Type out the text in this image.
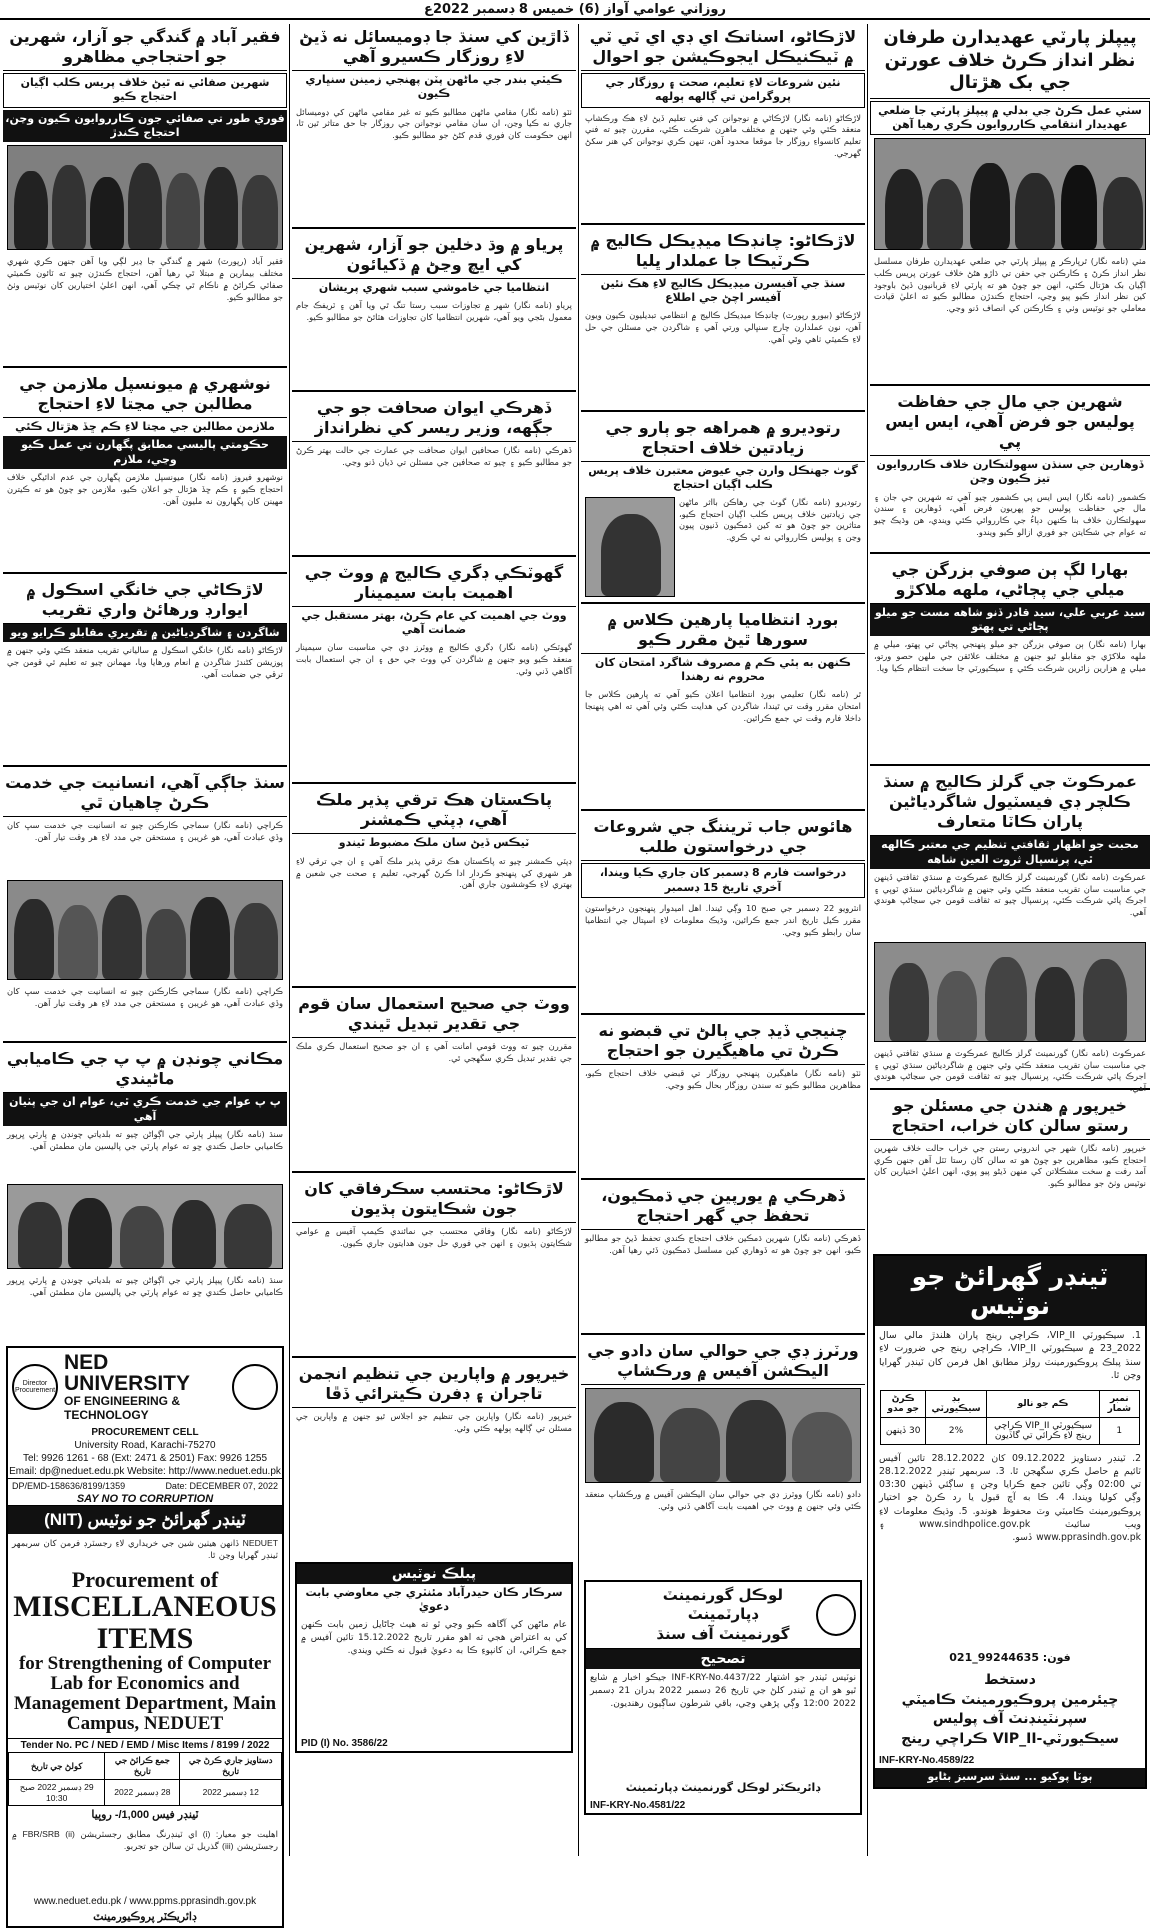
روزاني عوامي آواز (6) خميس 8 ڊسمبر 2022ع
پيپلز پارٽي عهديدارن طرفان نظر انداز ڪرڻ خلاف عورتن جي بک هڙتال
سٺي عمل ڪرڻ جي بدلي ۾ پيپلز پارٽي جا ضلعي عهديدار انتقامي ڪارروايون ڪري رهيا آهن
مٺي (نامه نگار) ٿرپارڪر ۾ پيپلز پارٽي جي ضلعي عهديدارن طرفان مسلسل نظر انداز ڪرڻ ۽ ڪارڪنن جي حقن تي ڌاڙو هڻڻ خلاف عورتن پريس ڪلب اڳيان بک هڙتال ڪئي، انهن جو چوڻ هو ته پارٽي لاءِ قربانيون ڏيڻ باوجود کين نظر انداز ڪيو پيو وڃي، احتجاج ڪندڙن مطالبو ڪيو ته اعليٰ قيادت معاملي جو نوٽيس وٺي ۽ ڪارڪنن کي انصاف ڏنو وڃي.
شهرين جي مال جي حفاظت پوليس جو فرض آهي، ايس ايس پي
ڏوهارين جي سنڌن سهولتڪارن خلاف ڪارروايون تيز ڪيون وڃن
ڪشمور (نامه نگار) ايس ايس پي ڪشمور چيو آهي ته شهرين جي جان ۽ مال جي حفاظت پوليس جو پهريون فرض آهي، ڏوهارين ۽ سندن سهولتڪارن خلاف بنا ڪنهن دٻاءُ جي ڪارروائي ڪئي ويندي، هن وڌيڪ چيو ته عوام جي شڪايتن جو فوري ازالو ڪيو ويندو.
بهارا لڳ ٻن صوفي بزرگن جي ميلي جي پڄاڻي، ملهه ملاکڙو
سيد عربي علي، سيد قادر ڏنو شاهه مست جو ميلو پڄاڻي تي پهتو
بهارا (نامه نگار) ٻن صوفي بزرگن جو ميلو پنهنجي پڄاڻي تي پهتو، ميلي ۾ ملهه ملاکڙي جو مقابلو ٿيو جنهن ۾ مختلف علائقن جي ملهن حصو ورتو، ميلي ۾ هزارين زائرين شرڪت ڪئي ۽ سيڪيورٽي جا سخت انتظام ڪيا ويا.
عمرڪوٽ جي گرلز ڪاليج ۾ سنڌ ڪلچر ڊي فيسٽيول شاگردياڻين پاران ڪاٽا متعارف
محبت جو اظهار ثقافتي تنظيم جي معتبر ڪالهه ٿي، پرنسپال ثروت العين شاهه
عمرڪوٽ (نامه نگار) گورنمينٽ گرلز ڪاليج عمرڪوٽ ۾ سنڌي ثقافتي ڏينهن جي مناسبت سان تقريب منعقد ڪئي وئي جنهن ۾ شاگردياڻين سنڌي ٽوپي ۽ اجرڪ پائي شرڪت ڪئي، پرنسپال چيو ته ثقافت قومن جي سڃاڻپ هوندي آهي.
عمرڪوٽ (نامه نگار) گورنمينٽ گرلز ڪاليج عمرڪوٽ ۾ سنڌي ثقافتي ڏينهن جي مناسبت سان تقريب منعقد ڪئي وئي جنهن ۾ شاگردياڻين سنڌي ٽوپي ۽ اجرڪ پائي شرڪت ڪئي، پرنسپال چيو ته ثقافت قومن جي سڃاڻپ هوندي آهي.
خيرپور ۾ هندن جي مسئلن جو رستو سالن کان خراب، احتجاج
خيرپور (نامه نگار) شهر جي اندروني رستن جي خراب حالت خلاف شهرين احتجاج ڪيو، مظاهرين جو چوڻ هو ته سالن کان رستا ٽٽل آهن جنهن ڪري آمد رفت ۾ سخت مشڪلاتن کي منهن ڏيڻو پيو پوي، انهن اعليٰ اختيارين کان نوٽيس وٺڻ جو مطالبو ڪيو.
ٽينڊر گهرائڻ جو نوٽيس
1. سيڪيورٽي VIP_II، ڪراچي رينج پاران هلندڙ مالي سال 2022_23 ۾ سيڪيورٽي VIP_II، ڪراچي رينج جي ضرورت لاءِ سنڌ پبلڪ پروڪيورمينٽ رولز مطابق اهل فرمن کان ٽينڊر گهرايا وڃن ٿا.
نمبر شمار	ڪم جو نالو	بڊ سيڪيورٽي	ڪرڻ جو مدو
1	سيڪيورٽي VIP_II ڪراچي رينج لاءِ ڪرائي تي گاڏيون	2%	30 ڏينهن
2. ٽينڊر دستاويز 09.12.2022 کان 28.12.2022 تائين آفيس ٽائيم ۾ حاصل ڪري سگهجن ٿا. 3. سربمهر ٽينڊر 28.12.2022 تي 02:00 وڳي تائين جمع ڪرايا وڃن ۽ ساڳئي ڏينهن 03:30 وڳي کوليا ويندا. 4. ڪا به آڇ قبول يا رد ڪرڻ جو اختيار پروڪيورمينٽ ڪاميٽي وٽ محفوظ هوندو. 5. وڌيڪ معلومات لاءِ ويب سائيٽ www.sindhpolice.gov.pk ۽ www.pprasindh.gov.pk ڏسو.
021_99244635 :فون
دستخط
چيئرمين پروڪيورمينٽ ڪاميٽي
سپرنٽينڊنٽ آف پوليس
سيڪيورٽي-VIP_II ڪراچي رينج
INF-KRY-No.4589/22
ٻوٽا پوکيو ... سنڌ سرسبز بڻايو
لاڙڪاڻو، اسناتڪ اي ڊي اي ٽي ٽي ۾ ٽيڪنيڪل ايجوڪيشن جو احوال
نئين شروعات لاءِ تعليم، صحت ۽ روزگار جي پروگرامن تي ڳالهه ٻولهه
لاڙڪاڻو (نامه نگار) لاڙڪاڻي ۾ نوجوانن کي فني تعليم ڏيڻ لاءِ هڪ ورڪشاپ منعقد ڪئي وئي جنهن ۾ مختلف ماهرن شرڪت ڪئي، مقررن چيو ته فني تعليم کانسواءِ روزگار جا موقعا محدود آهن، تنهن ڪري نوجوانن کي هنر سکڻ گهرجي.
لاڙڪاڻو: چانڊڪا ميڊيڪل ڪاليج ۾ ڪرٽيڪا جا عملدار ڀليا
سنڌ جي آفيسرن ميڊيڪل ڪاليج لاءِ هڪ نئين آفيسر اچڻ جي اطلاع
لاڙڪاڻو (بيورو رپورٽ) چانڊڪا ميڊيڪل ڪاليج ۾ انتظامي تبديليون ڪيون ويون آهن، نون عملدارن چارج سنڀالي ورتي آهي ۽ شاگردن جي مسئلن جي حل لاءِ ڪميٽي ٺاهي وئي آهي.
رتوديرو ۾ همراهه جو ٻارو جي زيادتين خلاف احتجاج
گوٺ جهنڪل وارن جي عيوض معتبرن خلاف پريس ڪلب اڳيان احتجاج
رتوديرو (نامه نگار) گوٺ جي رهاڪن بااثر ماڻهن جي زيادتين خلاف پريس ڪلب اڳيان احتجاج ڪيو، متاثرين جو چوڻ هو ته کين ڌمڪيون ڏنيون پيون وڃن ۽ پوليس ڪارروائي نه ٿي ڪري.
بورڊ انتظاميا پارهين ڪلاس ۾ سورها ٿيڻ مقرر ڪيو
ڪنهن به ٻئي ڪم ۾ مصروف شاگرد امتحان کان محروم نه رهندا
ٿر (نامه نگار) تعليمي بورڊ انتظاميا اعلان ڪيو آهي ته پارهين ڪلاس جا امتحان مقرر وقت تي ٿيندا، شاگردن کي هدايت ڪئي وئي آهي ته اهي پنهنجا داخلا فارم وقت تي جمع ڪرائين.
هائوس جاب ٽريننگ جي شروعات جي درخواستون طلب
درخواست فارم 8 ڊسمبر کان جاري ڪيا ويندا، آخري تاريخ 15 ڊسمبر
انٽرويو 22 ڊسمبر جي صبح 10 وڳي ٿيندا. اهل اميدوار پنهنجون درخواستون مقرر ڪيل تاريخ اندر جمع ڪرائين، وڌيڪ معلومات لاءِ اسپتال جي انتظاميا سان رابطو ڪيو وڃي.
چنيجي ڏيڊ جي ٻالڻ تي قبضو نه ڪرڻ تي ماهيگيرن جو احتجاج
ٺٽو (نامه نگار) ماهيگيرن پنهنجي روزگار تي قبضي خلاف احتجاج ڪيو، مظاهرين مطالبو ڪيو ته سندن روزگار بحال ڪيو وڃي.
ڏهرڪي ۾ يورپين جي ڌمڪيون، تحفظ جي گهر احتجاج
ڏهرڪي (نامه نگار) شهرين ڌمڪين خلاف احتجاج ڪندي تحفظ ڏيڻ جو مطالبو ڪيو، انهن جو چوڻ هو ته ڏوهاري کين مسلسل ڌمڪيون ڏئي رهيا آهن.
ورٽرز ڊي جي حوالي سان دادو جي اليڪشن آفيس ۾ ورڪشاپ
دادو (نامه نگار) ووٽرز ڊي جي حوالي سان اليڪشن آفيس ۾ ورڪشاپ منعقد ڪئي وئي جنهن ۾ ووٽ جي اهميت بابت آگاهي ڏني وئي.
لوڪل گورنمينٽ ڊپارٽمينٽ
گورنمينٽ آف سنڌ
تصحيح
نوٽيس ٽينڊر جو اشتهار INF-KRY-No.4437/22 جيڪو اخبار ۾ شايع ٿيو هو ان ۾ ٽينڊر کلڻ جي تاريخ 26 ڊسمبر 2022 بدران 21 ڊسمبر 2022 12:00 وڳي پڙهي وڃي، باقي شرطون ساڳيون رهنديون.
ڊائريڪٽر لوڪل گورنمينٽ ڊپارٽمينٽ
INF-KRY-No.4581/22
ڏاڙين کي سنڌ جا ڊوميسائل نه ڏيڻ لاءِ روزگار ڪسيرو آهي
ڪيٽي بندر جي ماڻهن پٽن پهنجي زمينن سنڀاري ڪيون
ٺٽو (نامه نگار) مقامي ماڻهن مطالبو ڪيو ته غير مقامي ماڻهن کي ڊوميسائل جاري نه ڪيا وڃن، ان سان مقامي نوجوانن جي روزگار جا حق متاثر ٿين ٿا، انهن حڪومت کان فوري قدم کڻڻ جو مطالبو ڪيو.
پرياو ۾ وڌ دخلين جو آزار، شهرين کي ايچ وڃڻ ۾ ڏکيائون
انتظاميا جي خاموشي سبب شهري پريشان
پرياو (نامه نگار) شهر ۾ تجاوزات سبب رستا تنگ ٿي ويا آهن ۽ ٽريفڪ جام معمول بڻجي ويو آهي، شهرين انتظاميا کان تجاوزات هٽائڻ جو مطالبو ڪيو.
ڏهرڪي ايوان صحافت جو جي جڳهه، وزير ريسر کي نظرانداز
ڏهرڪي (نامه نگار) صحافين ايوان صحافت جي عمارت جي حالت بهتر ڪرڻ جو مطالبو ڪيو ۽ چيو ته صحافين جي مسئلن تي ڌيان ڏنو وڃي.
گهوٽڪي ڊگري ڪاليج ۾ ووٽ جي اهميت بابت سيمينار
ووٽ جي اهميت کي عام ڪرڻ، بهتر مستقبل جي ضمانت آهي
گهوٽڪي (نامه نگار) ڊگري ڪاليج ۾ ووٽرز ڊي جي مناسبت سان سيمينار منعقد ڪيو ويو جنهن ۾ شاگردن کي ووٽ جي حق ۽ ان جي استعمال بابت آگاهي ڏني وئي.
پاڪستان هڪ ترقي پذير ملڪ آهي، ڊپٽي ڪمشنر
ٽيڪس ڏيڻ سان ملڪ مضبوط ٿيندو
ڊپٽي ڪمشنر چيو ته پاڪستان هڪ ترقي پذير ملڪ آهي ۽ ان جي ترقي لاءِ هر شهري کي پنهنجو ڪردار ادا ڪرڻ گهرجي، تعليم ۽ صحت جي شعبن ۾ بهتري لاءِ ڪوششون جاري آهن.
ووٽ جي صحيح استعمال سان قوم جي تقدير تبديل ٿيندي
مقررن چيو ته ووٽ قومي امانت آهي ۽ ان جو صحيح استعمال ڪري ملڪ جي تقدير تبديل ڪري سگهجي ٿي.
لاڙڪاڻو: محتسب سڪرفاقي کان جون شڪايتون ٻڌيون
لاڙڪاڻو (نامه نگار) وفاقي محتسب جي نمائندي ڪيمپ آفيس ۾ عوامي شڪايتون ٻڌيون ۽ انهن جي فوري حل جون هدايتون جاري ڪيون.
خيرپور ۾ واپارين جي تنظيم انجمن تاجران ۽ ڊفرن ڪيترائي ڏڦا
خيرپور (نامه نگار) واپارين جي تنظيم جو اجلاس ٿيو جنهن ۾ واپارين جي مسئلن تي ڳالهه ٻولهه ڪئي وئي.
پبلڪ نوٽيس
سرڪار ڪان حيدرآباد مئنٽري جي معاوضي بابت دعويٰ
عام ماڻهن کي آگاهه ڪيو وڃي ٿو ته هيٺ ڄاڻايل زمين بابت ڪنهن کي به اعتراض هجي ته اهو مقرر تاريخ 15.12.2022 تائين آفيس ۾ جمع ڪرائي، ان کانپوءِ ڪا به دعويٰ قبول نه ڪئي ويندي.
PID (I) No. 3586/22
فقير آباد ۾ گندگي جو آزار، شهرين جو احتجاجي مظاهرو
شهرين صفائي نه ٿيڻ خلاف پريس ڪلب اڳيان احتجاج ڪيو
فوري طور تي صفائي جون ڪارروايون ڪيون وڃن، احتجاج ڪندڙ
فقير آباد (رپورٽ) شهر ۾ گندگي جا ڍير لڳي ويا آهن جنهن ڪري شهري مختلف بيمارين ۾ مبتلا ٿي رهيا آهن، احتجاج ڪندڙن چيو ته ٽائون ڪميٽي صفائي ڪرائڻ ۾ ناڪام ٿي چڪي آهي، انهن اعليٰ اختيارين کان نوٽيس وٺڻ جو مطالبو ڪيو.
نوشهري ۾ ميونسپل ملازمن جي مطالبن جي مڃتا لاءِ احتجاج
ملازمن مطالبن جي مڃتا لاءِ ڪم ڇڏ هڙتال ڪئي
حڪومتي پاليسي مطابق پگهارن تي عمل ڪيو وڃي، ملازم
نوشهرو فيروز (نامه نگار) ميونسپل ملازمن پگهارن جي عدم ادائيگي خلاف احتجاج ڪيو ۽ ڪم ڇڏ هڙتال جو اعلان ڪيو، ملازمن جو چوڻ هو ته ڪيترن مهينن کان پگهارون نه مليون آهن.
لاڙڪاڻي جي خانگي اسڪول ۾ ايوارڊ ورهائڻ واري تقريب
شاگردن ۽ شاگردياڻين ۾ تقريري مقابلو ڪرايو ويو
لاڙڪاڻو (نامه نگار) خانگي اسڪول ۾ سالياني تقريب منعقد ڪئي وئي جنهن ۾ پوزيشن کڻندڙ شاگردن ۾ انعام ورهايا ويا، مهمانن چيو ته تعليم ئي قومن جي ترقي جي ضمانت آهي.
سنڌ جاڳي آهي، انسانيت جي خدمت ڪرڻ چاهيان ٿي
ڪراچي (نامه نگار) سماجي ڪارڪنن چيو ته انسانيت جي خدمت سڀ کان وڏي عبادت آهي، هو غريبن ۽ مستحقن جي مدد لاءِ هر وقت تيار آهن.
ڪراچي (نامه نگار) سماجي ڪارڪنن چيو ته انسانيت جي خدمت سڀ کان وڏي عبادت آهي، هو غريبن ۽ مستحقن جي مدد لاءِ هر وقت تيار آهن.
مڪاني چونڊن ۾ پ پ جي ڪاميابي ماڻيندي
پ پ عوام جي خدمت ڪري ٿي، عوام ان جي پٺيان آهي
سنڌ (نامه نگار) پيپلز پارٽي جي اڳواڻن چيو ته بلدياتي چونڊن ۾ پارٽي ڀرپور ڪاميابي حاصل ڪندي ڇو ته عوام پارٽي جي پاليسين مان مطمئن آهي.
سنڌ (نامه نگار) پيپلز پارٽي جي اڳواڻن چيو ته بلدياتي چونڊن ۾ پارٽي ڀرپور ڪاميابي حاصل ڪندي ڇو ته عوام پارٽي جي پاليسين مان مطمئن آهي.
Director Procurement
NED UNIVERSITY
OF ENGINEERING & TECHNOLOGY
PROCUREMENT CELL
University Road, Karachi-75270
Tel: 9926 1261 - 68 (Ext: 2471 & 2501) Fax: 9926 1255
Email: dp@neduet.edu.pk Website: http://www.neduet.edu.pk
DP/EMD-158636/8199/1359	Date: DECEMBER 07, 2022
SAY NO TO CORRUPTION
ٽينڊر گهرائڻ جو نوٽيس (NIT)
NEDUET ڏانهن هيٺين شين جي خريداري لاءِ رجسٽرڊ فرمن کان سربمهر ٽينڊر گهرايا وڃن ٿا.
Procurement of
MISCELLANEOUS ITEMS
for Strengthening of Computer Lab for Economics and Management Department, Main Campus, NEDUET
Tender No. PC / NED / EMD / Misc Items / 8199 / 2022
دستاويز جاري ڪرڻ جي تاريخ	جمع ڪرائڻ جي تاريخ	کولڻ جي تاريخ
12 ڊسمبر 2022	28 ڊسمبر 2022	29 ڊسمبر 2022 صبح 10:30
ٽينڊر فيس 1,000/- روپيا
اهليت جو معيار: (i) اي ٽينڊرنگ مطابق رجسٽريشن (ii) FBR/SRB ۾ رجسٽريشن (iii) گذريل ٽن سالن جو تجربو.
www.neduet.edu.pk / www.ppms.pprasindh.gov.pk
ڊائريڪٽر پروڪيورمينٽ
